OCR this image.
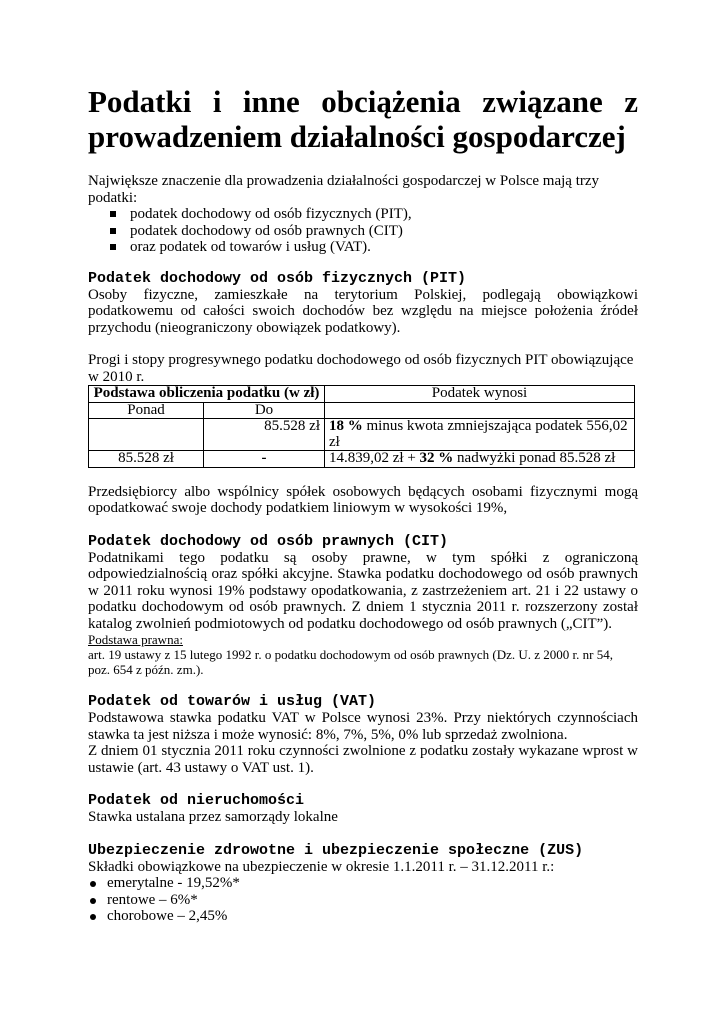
Podatki i inne obciążenia związane z prowadzeniem działalności gospodarczej

Największe znaczenie dla prowadzenia działalności gospodarczej w Polsce mają trzy podatki:

podatek dochodowy od osób fizycznych (PIT),
podatek dochodowy od osób prawnych (CIT)
oraz podatek od towarów i usług (VAT).

Podatek dochodowy od osób fizycznych (PIT)

Osoby fizyczne, zamieszkałe na terytorium Polskiej, podlegają obowiązkowi podatkowemu od całości swoich dochodów bez względu na miejsce położenia źródeł przychodu (nieograniczony obowiązek podatkowy).

Progi i stopy progresywnego podatku dochodowego od osób fizycznych PIT obowiązujące w 2010 r.

Podstawa obliczenia podatku (w zł)		Podatek wynosi
Ponad	Do	
	85.528 zł	18 % minus kwota zmniejszająca podatek 556,02 zł
85.528 zł	-	14.839,02 zł + 32 % nadwyżki ponad 85.528 zł

Przedsiębiorcy albo wspólnicy spółek osobowych będących osobami fizycznymi mogą opodatkować swoje dochody podatkiem liniowym w wysokości 19%,

Podatek dochodowy od osób prawnych (CIT)

Podatnikami tego podatku są osoby prawne, w tym spółki z ograniczoną odpowiedzialnością oraz spółki akcyjne. Stawka podatku dochodowego od osób prawnych w 2011 roku wynosi 19% podstawy opodatkowania, z zastrzeżeniem art. 21 i 22 ustawy o podatku dochodowym od osób prawnych. Z dniem 1 stycznia 2011 r. rozszerzony został katalog zwolnień podmiotowych od podatku dochodowego od osób prawnych („CIT”).

Podstawa prawna:

art. 19 ustawy z 15 lutego 1992 r. o podatku dochodowym od osób prawnych (Dz. U. z 2000 r. nr 54, poz. 654 z późn. zm.).

Podatek od towarów i usług (VAT)

Podstawowa stawka podatku VAT w Polsce wynosi 23%. Przy niektórych czynnościach stawka ta jest niższa i może wynosić: 8%, 7%, 5%, 0% lub sprzedaż zwolniona.

Z dniem 01 stycznia 2011 roku czynności zwolnione z podatku zostały wykazane wprost w ustawie (art. 43 ustawy o VAT ust. 1).

Podatek od nieruchomości

Stawka ustalana przez samorządy lokalne

Ubezpieczenie zdrowotne i ubezpieczenie społeczne (ZUS)

Składki obowiązkowe na ubezpieczenie w okresie 1.1.2011 r. – 31.12.2011 r.:

emerytalne - 19,52%*
rentowe – 6%*
chorobowe – 2,45%
